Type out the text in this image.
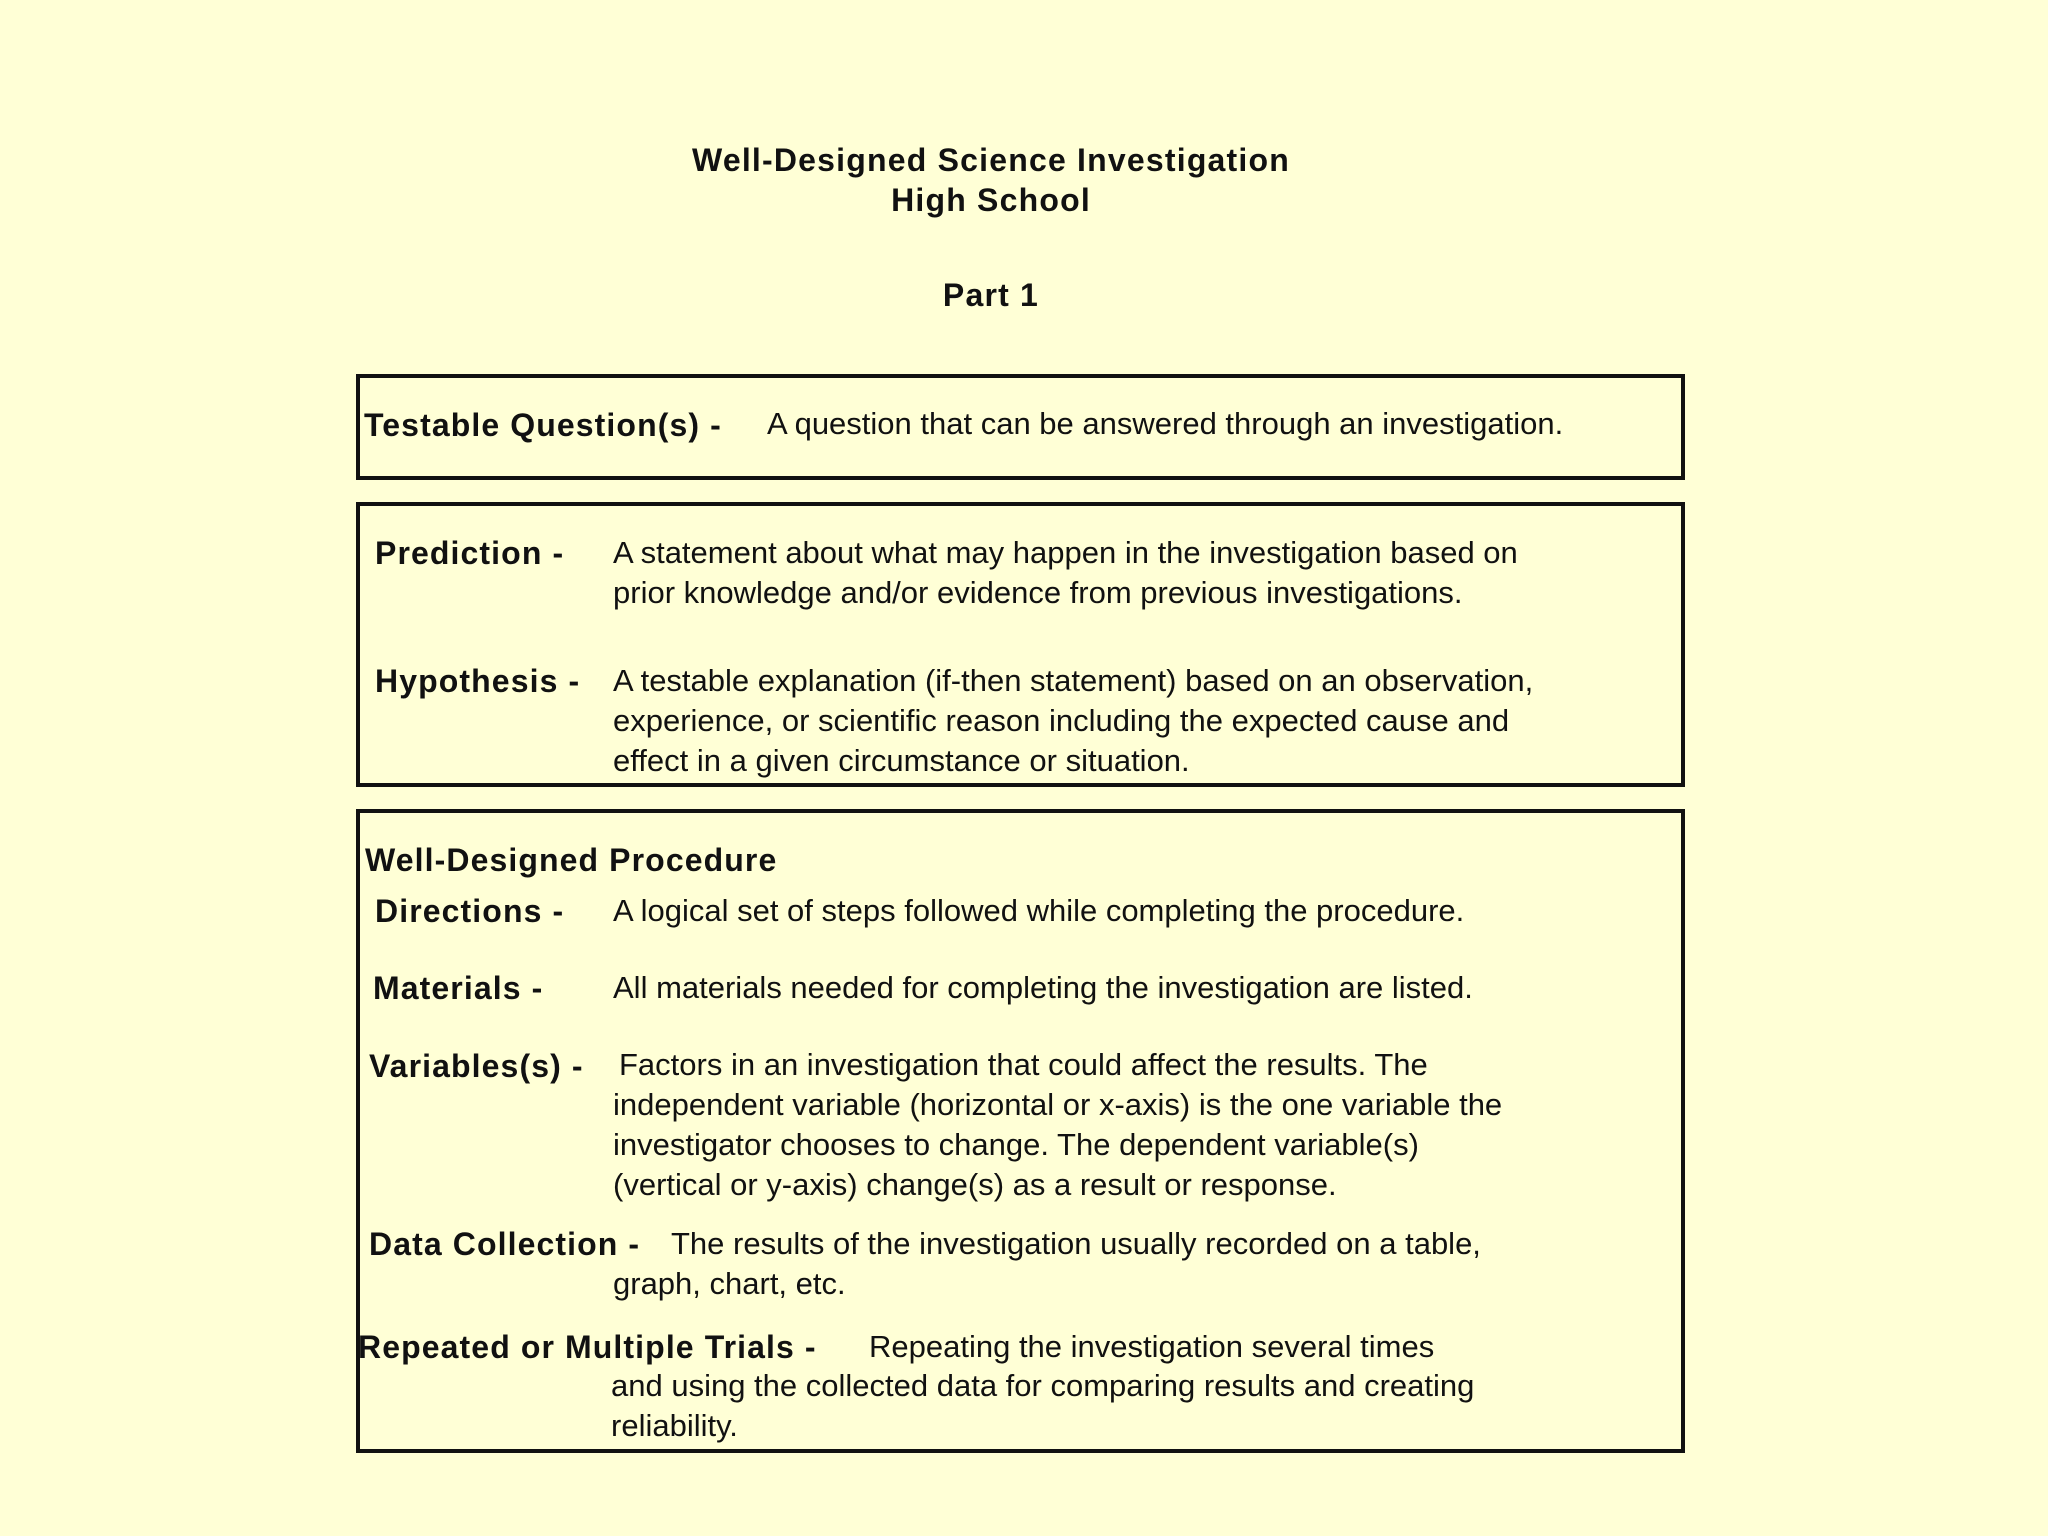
Well-Designed Science Investigation
High School
Part 1
Testable Question(s) - A question that can be answered through an investigation.
Prediction - A statement about what may happen in the investigation based on
prior knowledge and/or evidence from previous investigations.
Hypothesis - A testable explanation (if-then statement) based on an observation,
experience, or scientific reason including the expected cause and
effect in a given circumstance or situation.
Well-Designed Procedure
Directions - A logical set of steps followed while completing the procedure.
Materials - All materials needed for completing the investigation are listed.
Variables(s) - Factors in an investigation that could affect the results. The
independent variable (horizontal or x-axis) is the one variable the
investigator chooses to change. The dependent variable(s)
(vertical or y-axis) change(s) as a result or response.
Data Collection - The results of the investigation usually recorded on a table,
graph, chart, etc.
Repeated or Multiple Trials - Repeating the investigation several times
and using the collected data for comparing results and creating
reliability.
